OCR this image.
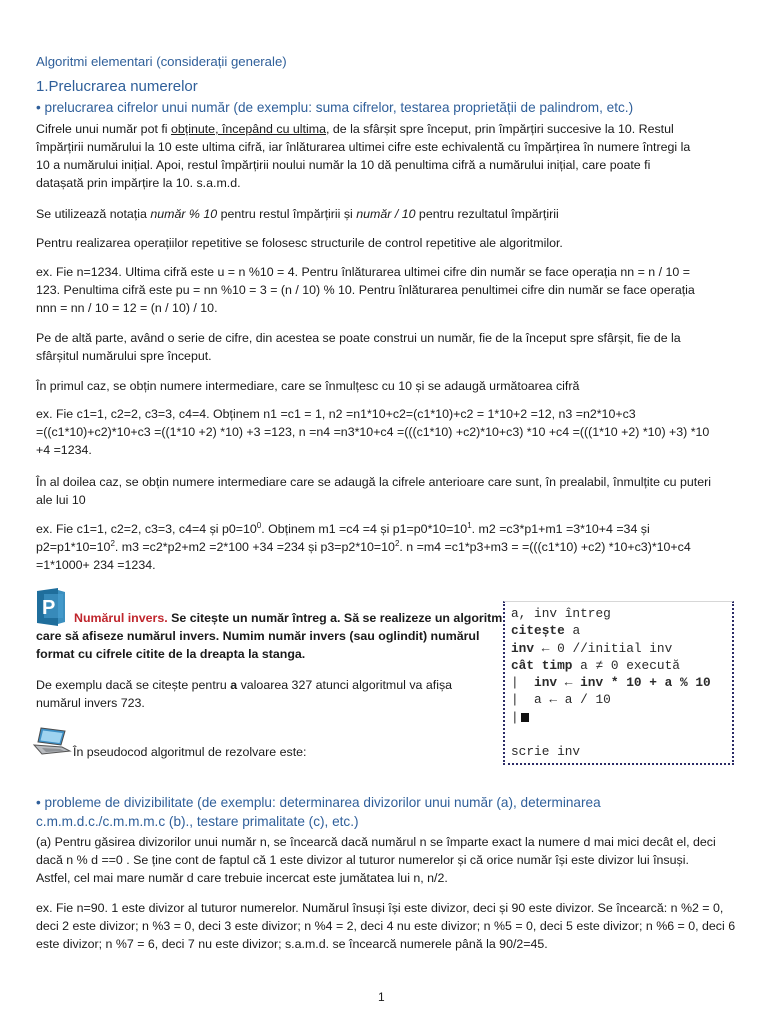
Algoritmi elementari (considerații generale)
1.Prelucrarea numerelor
• prelucrarea cifrelor unui număr (de exemplu: suma cifrelor, testarea proprietății de palindrom, etc.)
Cifrele unui număr pot fi obținute, începând cu ultima, de la sfârșit spre început, prin împărțiri succesive la 10. Restul
împărțirii numărului la 10 este ultima cifră, iar înlăturarea ultimei cifre este echivalentă cu împărțirea în numere întregi la
10 a numărului inițial. Apoi, restul împărțirii noului număr la 10 dă penultima cifră a numărului inițial, care poate fi
datașată prin impărțire la 10. s.a.m.d.
Se utilizează notația număr % 10 pentru restul împărțirii și număr / 10 pentru rezultatul împărțirii
Pentru realizarea operațiilor repetitive se folosesc structurile de control repetitive ale algoritmilor.
ex. Fie n=1234. Ultima cifră este u = n %10 = 4. Pentru înlăturarea ultimei cifre din număr se face operația nn = n / 10 =
123. Penultima cifră este pu = nn %10 = 3 = (n / 10) % 10. Pentru înlăturarea penultimei cifre din număr se face operația
nnn = nn / 10 = 12 = (n / 10) / 10.
Pe de altă parte, având o serie de cifre, din acestea se poate construi un număr, fie de la început spre sfârșit, fie de la
sfârșitul numărului spre început.
În primul caz, se obțin numere intermediare, care se înmulțesc cu 10 și se adaugă următoarea cifră
ex. Fie c1=1, c2=2, c3=3, c4=4. Obținem n1 =c1 = 1, n2 =n1*10+c2=(c1*10)+c2 = 1*10+2 =12, n3 =n2*10+c3
=((c1*10)+c2)*10+c3 =((1*10 +2) *10) +3 =123, n =n4 =n3*10+c4 =(((c1*10) +c2)*10+c3) *10 +c4 =(((1*10 +2) *10) +3) *10
+4 =1234.
În al doilea caz, se obțin numere intermediare care se adaugă la cifrele anterioare care sunt, în prealabil, înmulțite cu puteri
ale lui 10
ex. Fie c1=1, c2=2, c3=3, c4=4 și $p0=10^0$. Obținem m1 =c4 =4 și $p1=p0*10=10^1$. m2 =c3*p1+m1 =3*10+4 =34 și
$p2=p1*10=10^2$. m3 =c2*p2+m2 =2*100 +34 =234 și $p3=p2*10=10^2$. n =m4 =c1*p3+m3 = =(((c1*10) +c2) *10+c3)*10+c4
=1*1000+ 234 =1234.
P Numărul invers. Se citește un număr întreg a. Să se realizeze un algoritm
care să afiseze numărul invers. Numim număr invers (sau oglindit) numărul
format cu cifrele citite de la dreapta la stanga.
De exemplu dacă se citește pentru a valoarea 327 atunci algoritmul va afișa
numărul invers 723.
În pseudocod algoritmul de rezolvare este:
a, inv întreg
citește a
inv ← 0 //initial inv
cât timp a ≠ 0 execută
|  inv ← inv * 10 + a % 10
|  a ← a / 10
|
scrie inv
• probleme de divizibilitate (de exemplu: determinarea divizorilor unui număr (a), determinarea
c.m.m.d.c./c.m.m.m.c (b)., testare primalitate (c), etc.)
(a) Pentru găsirea divizorilor unui număr n, se încearcă dacă numărul n se împarte exact la numere d mai mici decât el, deci
dacă n % d ==0 . Se ține cont de faptul că 1 este divizor al tuturor numerelor și că orice număr își este divizor lui însuși.
Astfel, cel mai mare număr d care trebuie incercat este jumătatea lui n, n/2.
ex. Fie n=90. 1 este divizor al tuturor numerelor. Numărul însuși își este divizor, deci și 90 este divizor. Se încearcă: n %2 = 0,
deci 2 este divizor; n %3 = 0, deci 3 este divizor; n %4 = 2, deci 4 nu este divizor; n %5 = 0, deci 5 este divizor; n %6 = 0, deci 6
este divizor; n %7 = 6, deci 7 nu este divizor; s.a.m.d. se încearcă numerele până la 90/2=45.
1
